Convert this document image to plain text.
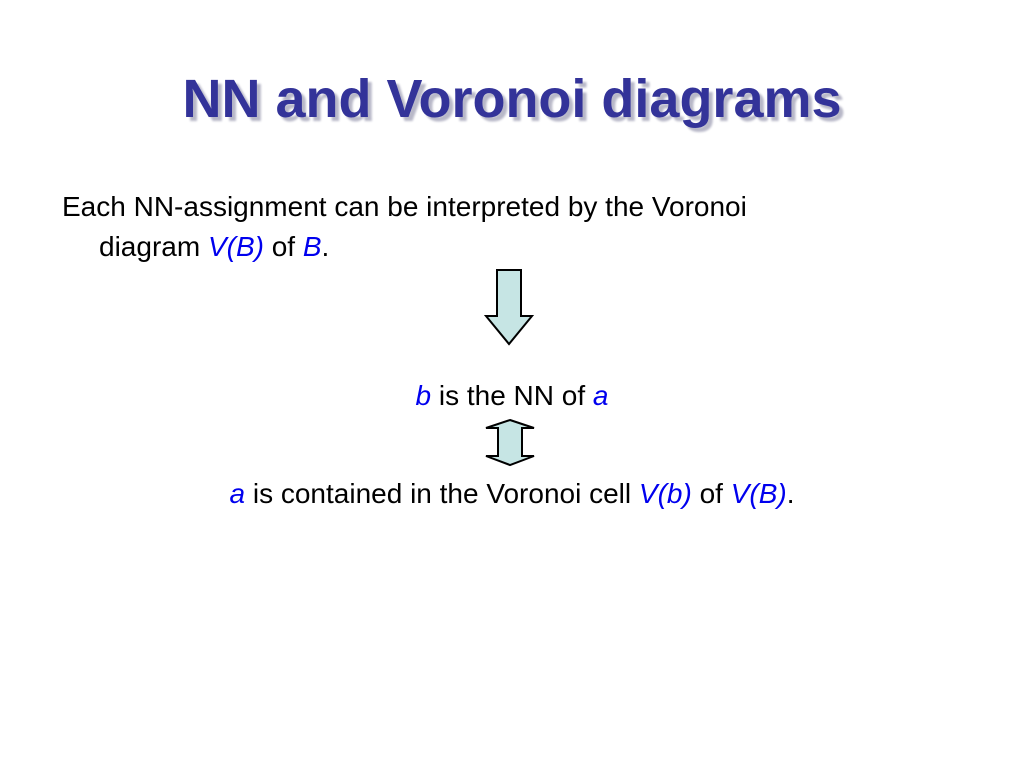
NN and Voronoi diagrams
Each NN-assignment can be interpreted by the Voronoi
diagram V(B) of B.
b is the NN of a
a is contained in the Voronoi cell V(b) of V(B).
